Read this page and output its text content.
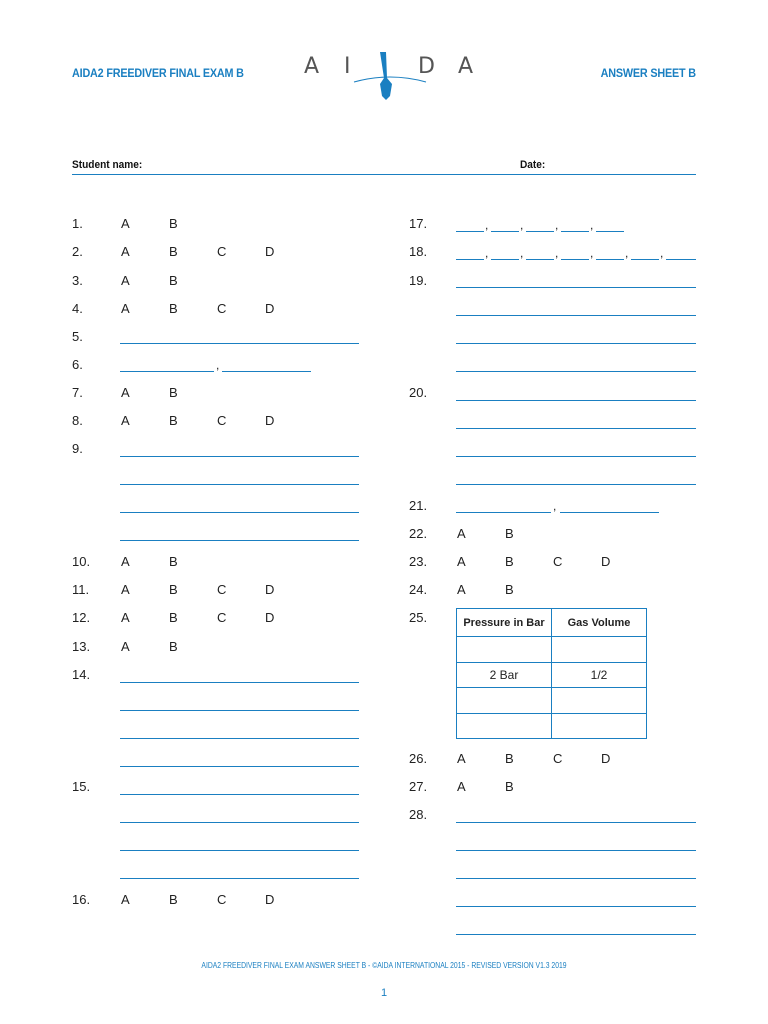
AIDA2 FREEDIVER FINAL EXAM B	ANSWER SHEET B
A I	D A
Student name:	Date:
1.	A	B
2.	A	B	C	D
3.	A	B
4.	A	B	C	D
5.
6.	,
7.	A	B
8.	A	B	C	D
9.
10. A	B
11. A	B	C	D
12. A	B	C	D
13. A	B
14.
15.
16. A	B	C	D
17.	,	,	,	,
18.	,	,	,	,	,	,
19.
20.
21.	,
22. A	B
23. A	B	C	D
24. A	B
25.	Pressure in Bar	Gas Volume

2 Bar	1/2

26. A	B	C	D
27. A	B
28.
AIDA2 FREEDIVER FINAL EXAM ANSWER SHEET B - ©AIDA INTERNATIONAL 2015 - REVISED VERSION V1.3 2019
1
